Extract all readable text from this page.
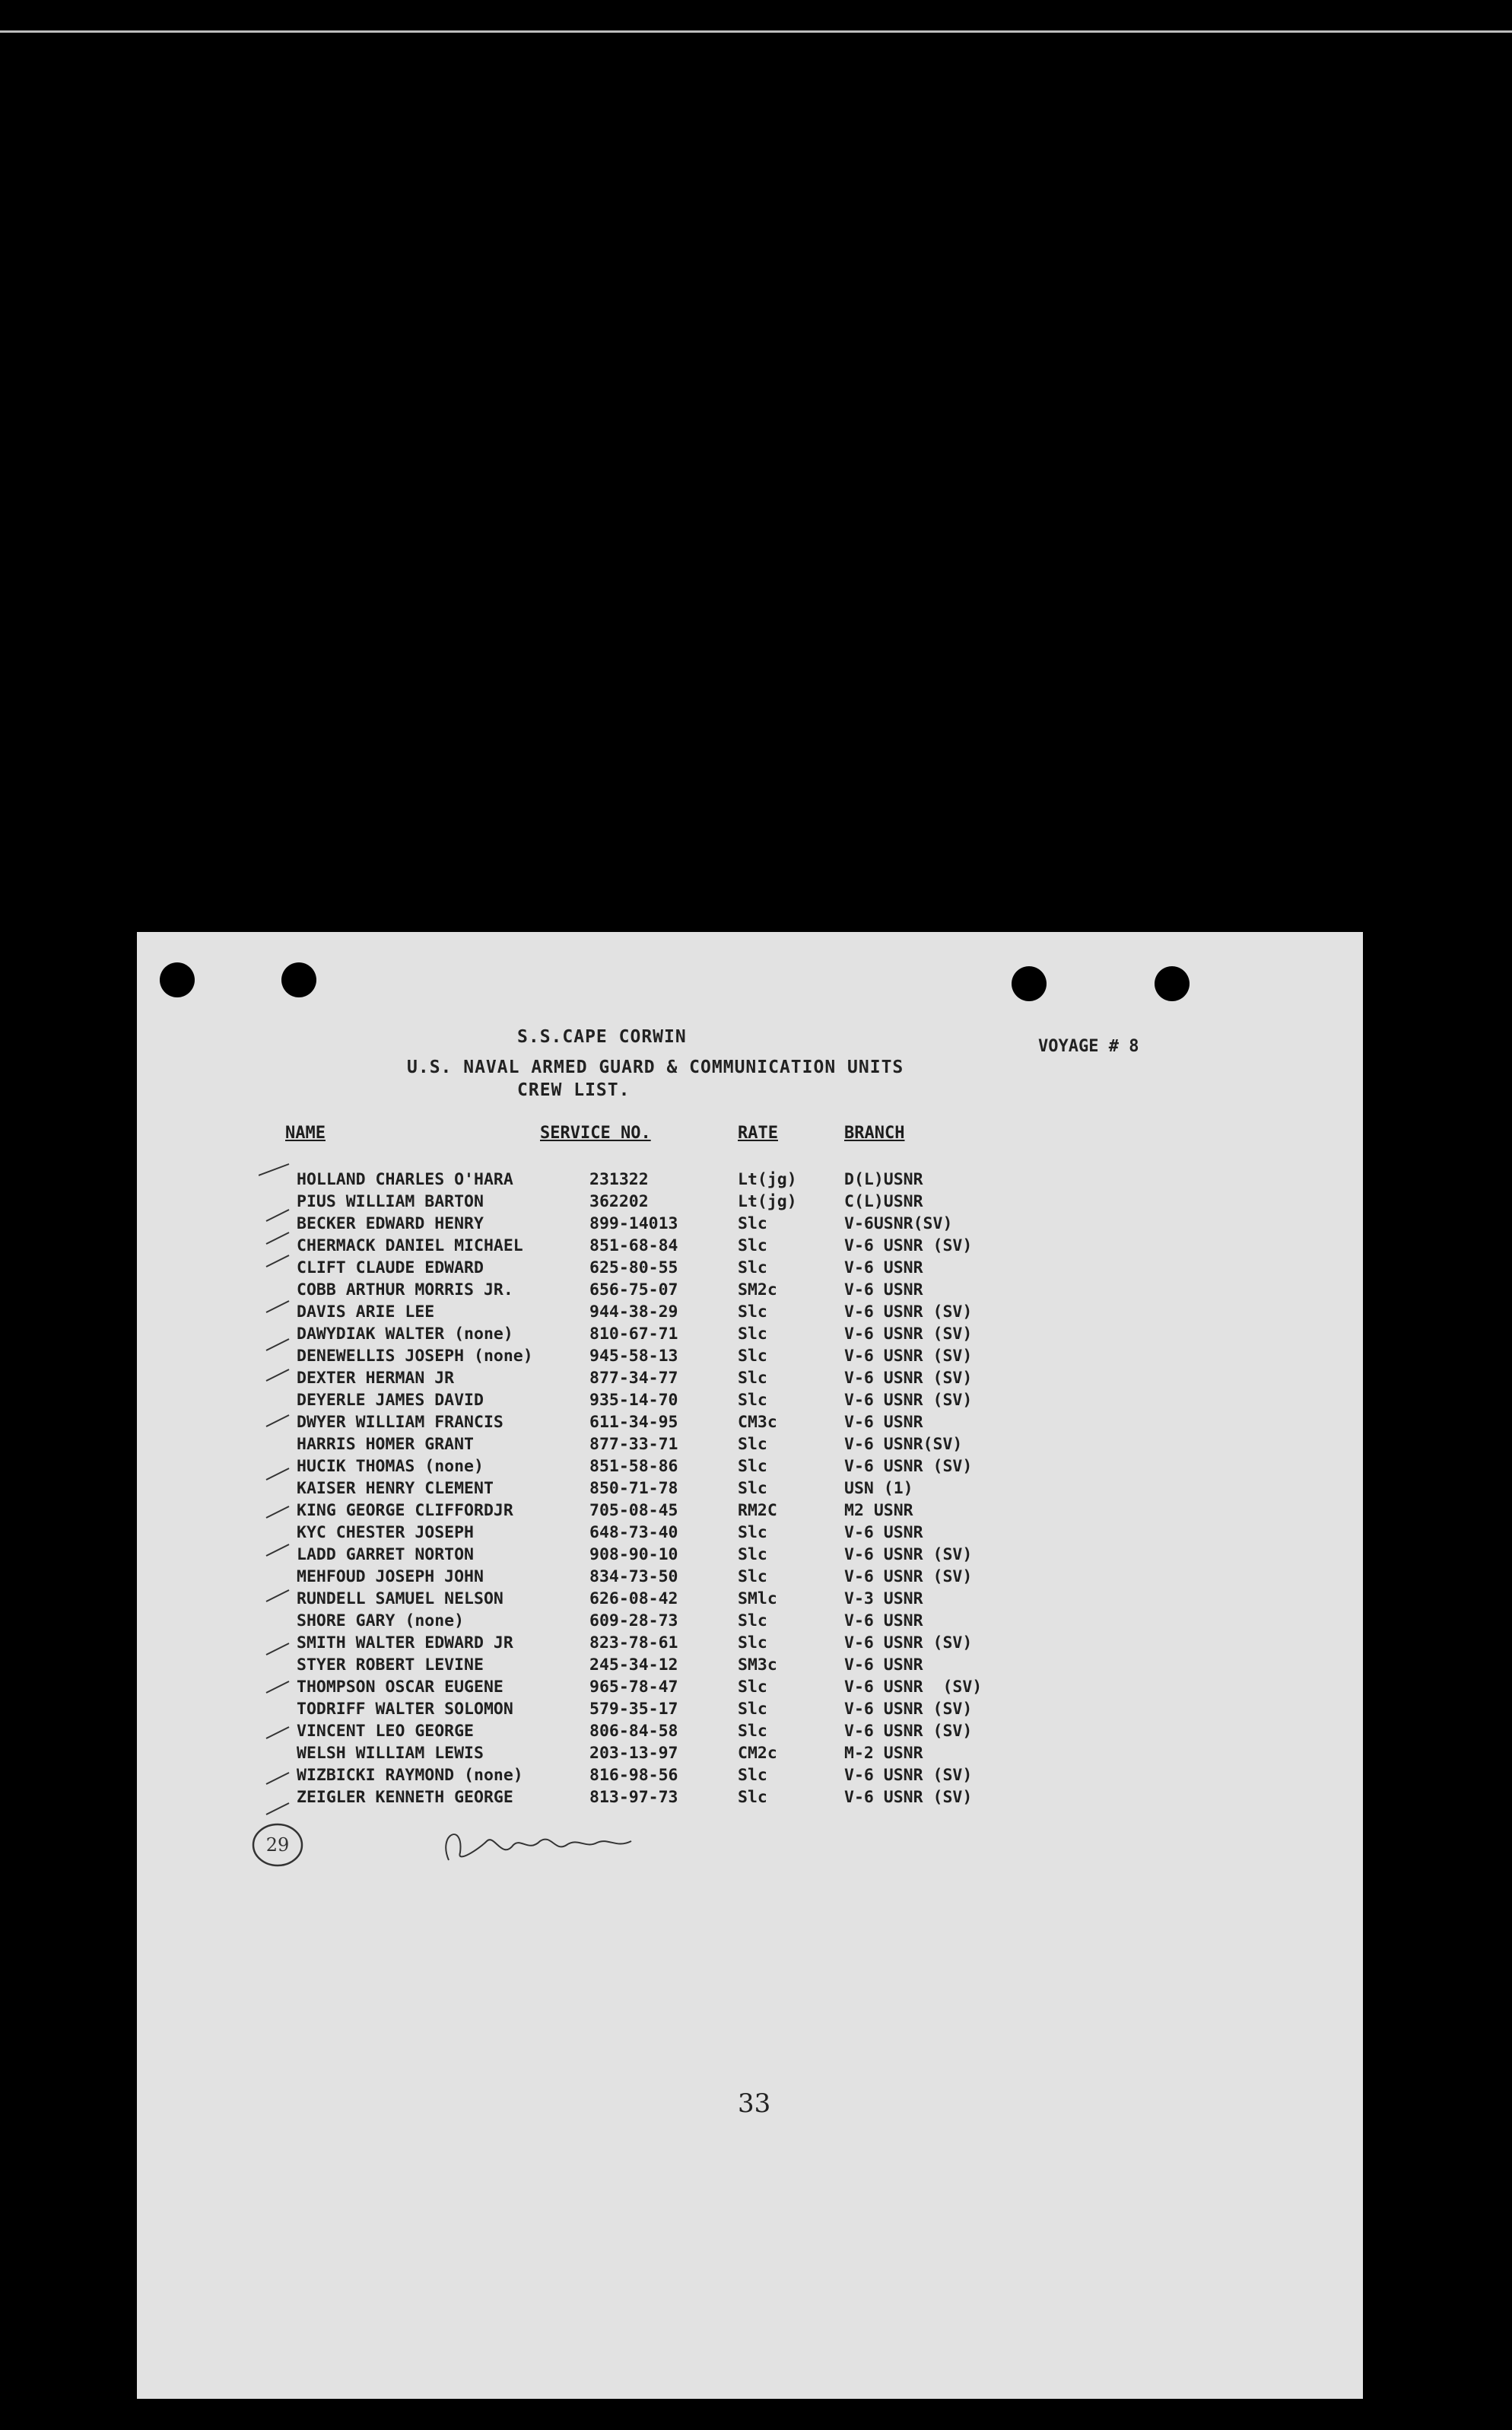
S.S.CAPE CORWIN
U.S. NAVAL ARMED GUARD & COMMUNICATION UNITS
CREW LIST.
VOYAGE # 8
NAME	SERVICE NO.	RATE	BRANCH
HOLLAND CHARLES O'HARA	231322	Lt(jg)	D(L)USNR
PIUS WILLIAM BARTON	362202	Lt(jg)	C(L)USNR
BECKER EDWARD HENRY	899-14013	Slc	V-6USNR(SV)
CHERMACK DANIEL MICHAEL	851-68-84	Slc	V-6 USNR (SV)
CLIFT CLAUDE EDWARD	625-80-55	Slc	V-6 USNR
COBB ARTHUR MORRIS JR.	656-75-07	SM2c	V-6 USNR
DAVIS ARIE LEE	944-38-29	Slc	V-6 USNR (SV)
DAWYDIAK WALTER (none)	810-67-71	Slc	V-6 USNR (SV)
DENEWELLIS JOSEPH (none)	945-58-13	Slc	V-6 USNR (SV)
DEXTER HERMAN JR	877-34-77	Slc	V-6 USNR (SV)
DEYERLE JAMES DAVID	935-14-70	Slc	V-6 USNR (SV)
DWYER WILLIAM FRANCIS	611-34-95	CM3c	V-6 USNR
HARRIS HOMER GRANT	877-33-71	Slc	V-6 USNR(SV)
HUCIK THOMAS (none)	851-58-86	Slc	V-6 USNR (SV)
KAISER HENRY CLEMENT	850-71-78	Slc	USN (1)
KING GEORGE CLIFFORDJR	705-08-45	RM2C	M2 USNR
KYC CHESTER JOSEPH	648-73-40	Slc	V-6 USNR
LADD GARRET NORTON	908-90-10	Slc	V-6 USNR (SV)
MEHFOUD JOSEPH JOHN	834-73-50	Slc	V-6 USNR (SV)
RUNDELL SAMUEL NELSON	626-08-42	SMlc	V-3 USNR
SHORE GARY (none)	609-28-73	Slc	V-6 USNR
SMITH WALTER EDWARD JR	823-78-61	Slc	V-6 USNR (SV)
STYER ROBERT LEVINE	245-34-12	SM3c	V-6 USNR
THOMPSON OSCAR EUGENE	965-78-47	Slc	V-6 USNR  (SV)
TODRIFF WALTER SOLOMON	579-35-17	Slc	V-6 USNR (SV)
VINCENT LEO GEORGE	806-84-58	Slc	V-6 USNR (SV)
WELSH WILLIAM LEWIS	203-13-97	CM2c	M-2 USNR
WIZBICKI RAYMOND (none)	816-98-56	Slc	V-6 USNR (SV)
ZEIGLER KENNETH GEORGE	813-97-73	Slc	V-6 USNR (SV)
29
33
